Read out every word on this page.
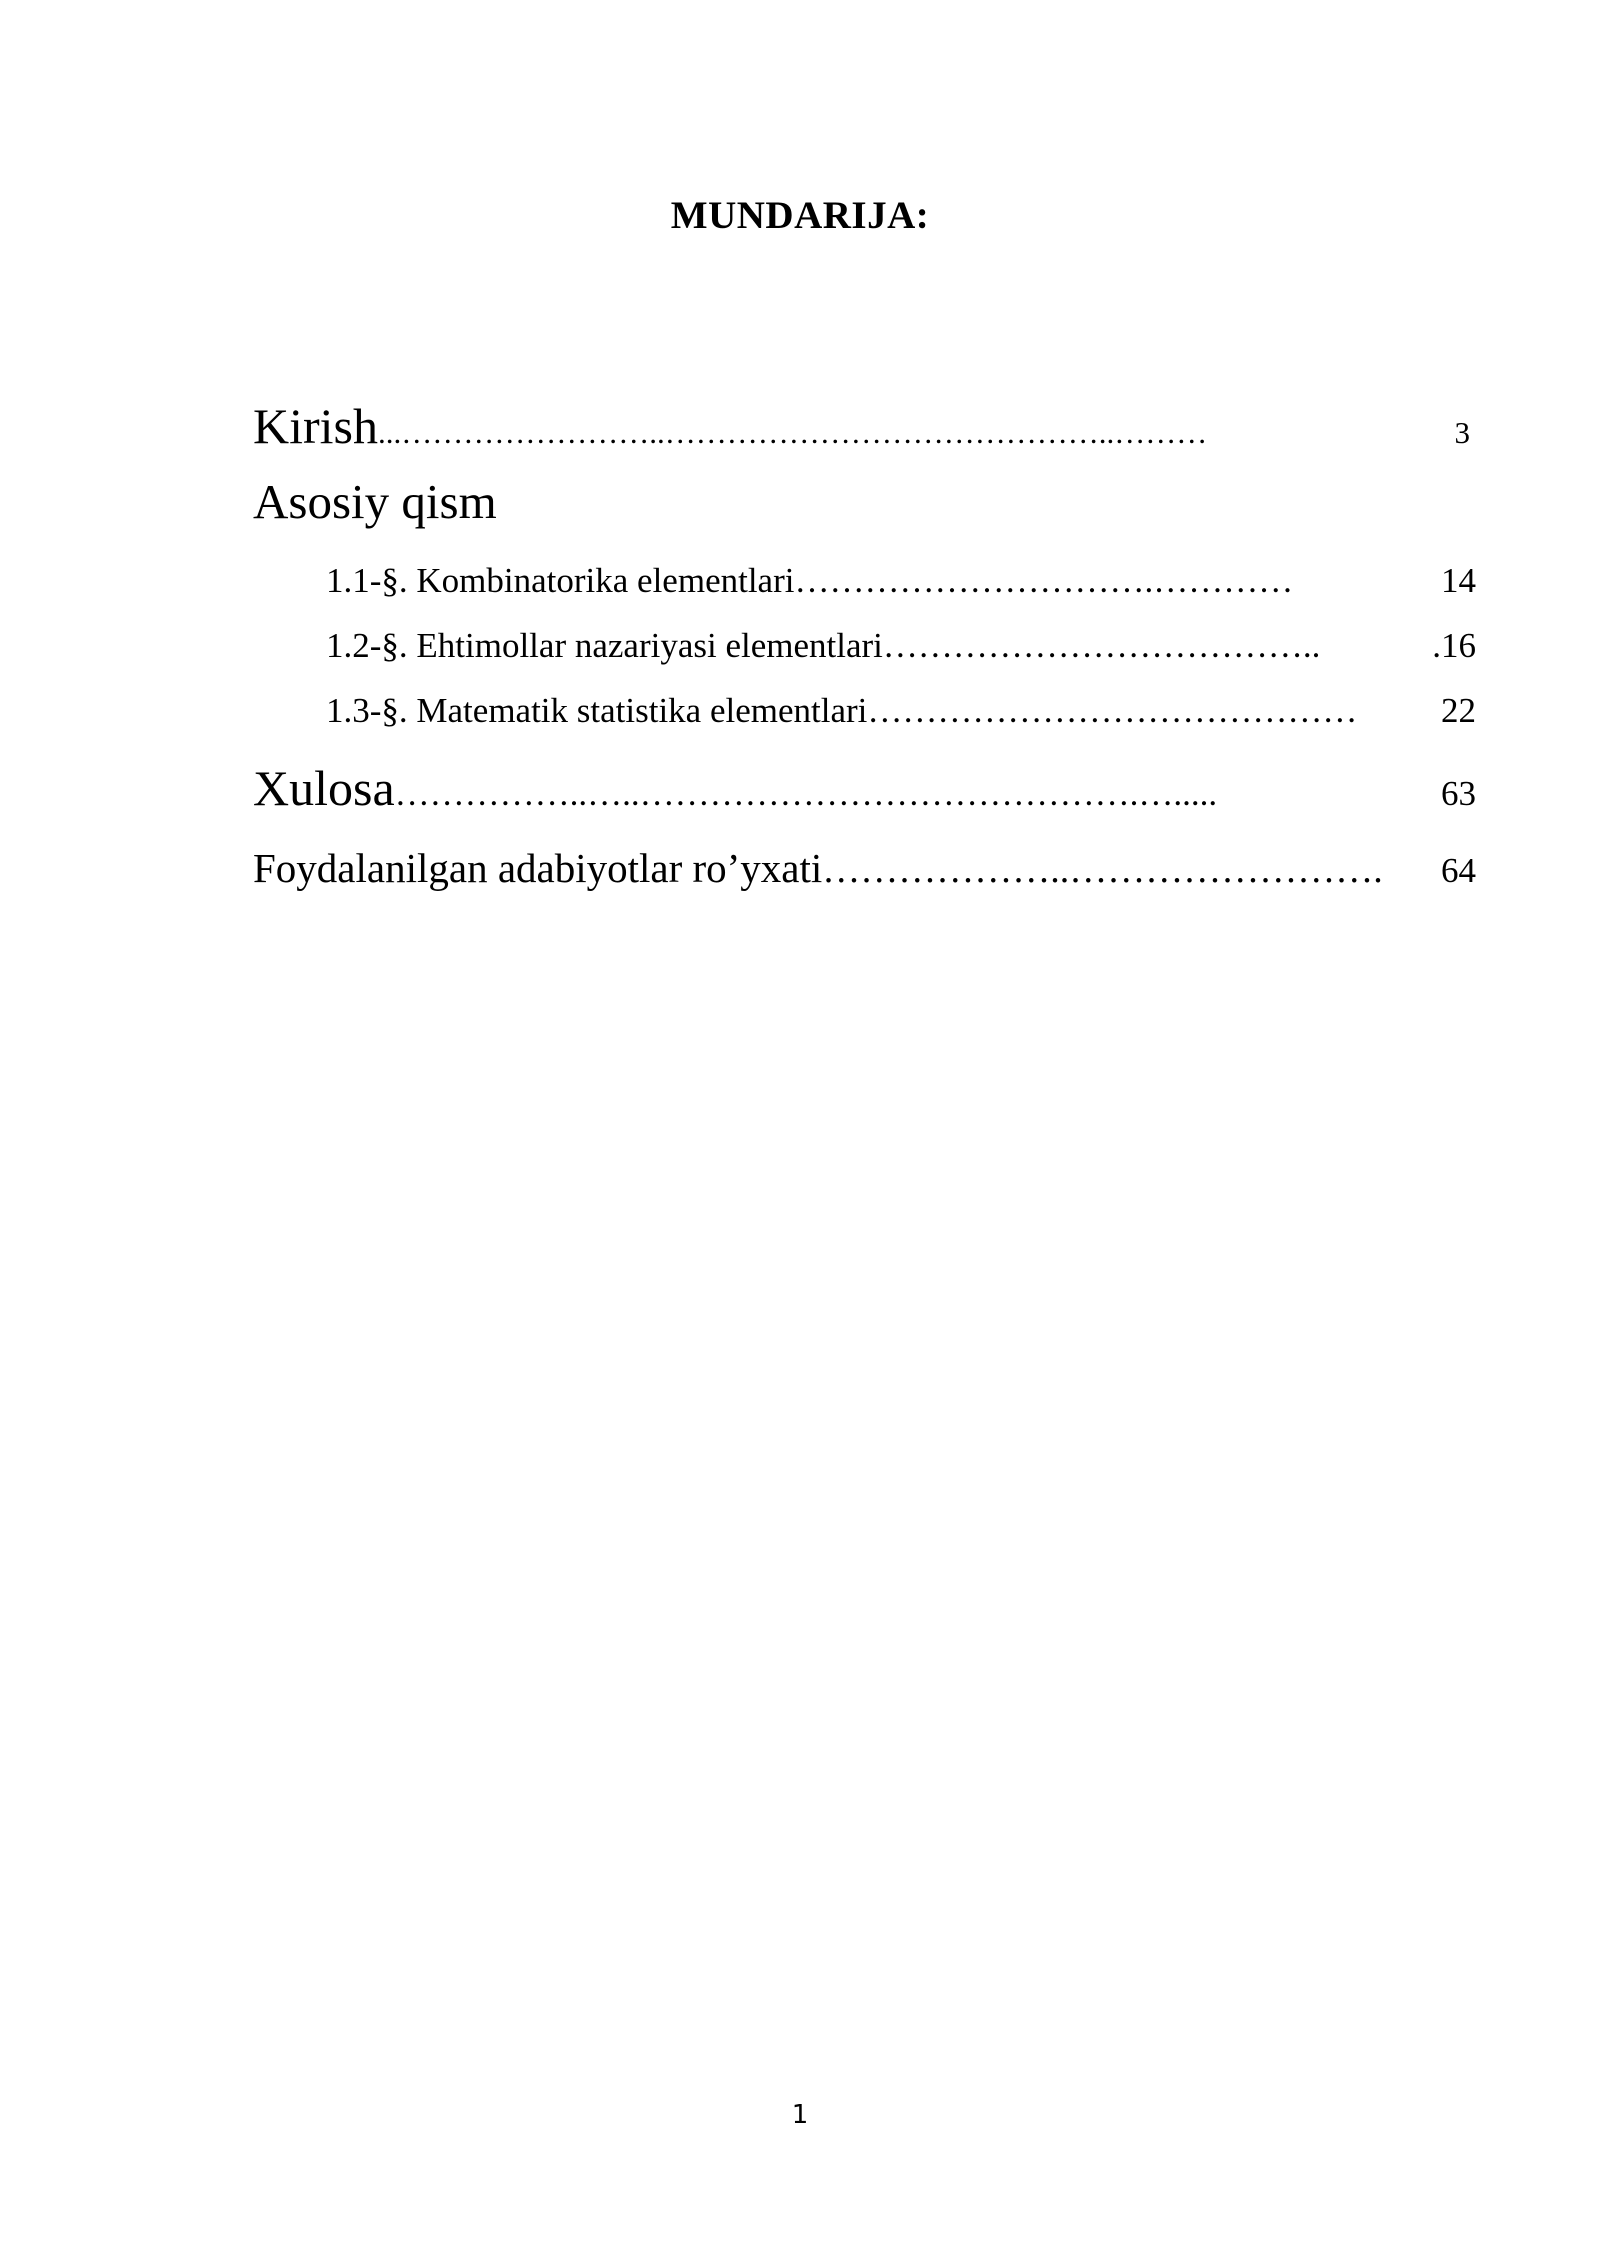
MUNDARIJA:
Kirish ...……………………..……………………………………..………	3
Asosiy qism
1.1-§. Kombinatorika elementlari ………………………….…………	14
1.2-§. Ehtimollar nazariyasi elementlari ………………………………..	.16
1.3-§. Matematik statistika elementlari ……………………………………	22
Xulosa ……………..…..…………………………………….….....	63
Foydalanilgan adabiyotlar ro’yxati ………………..…………………….	64
1
